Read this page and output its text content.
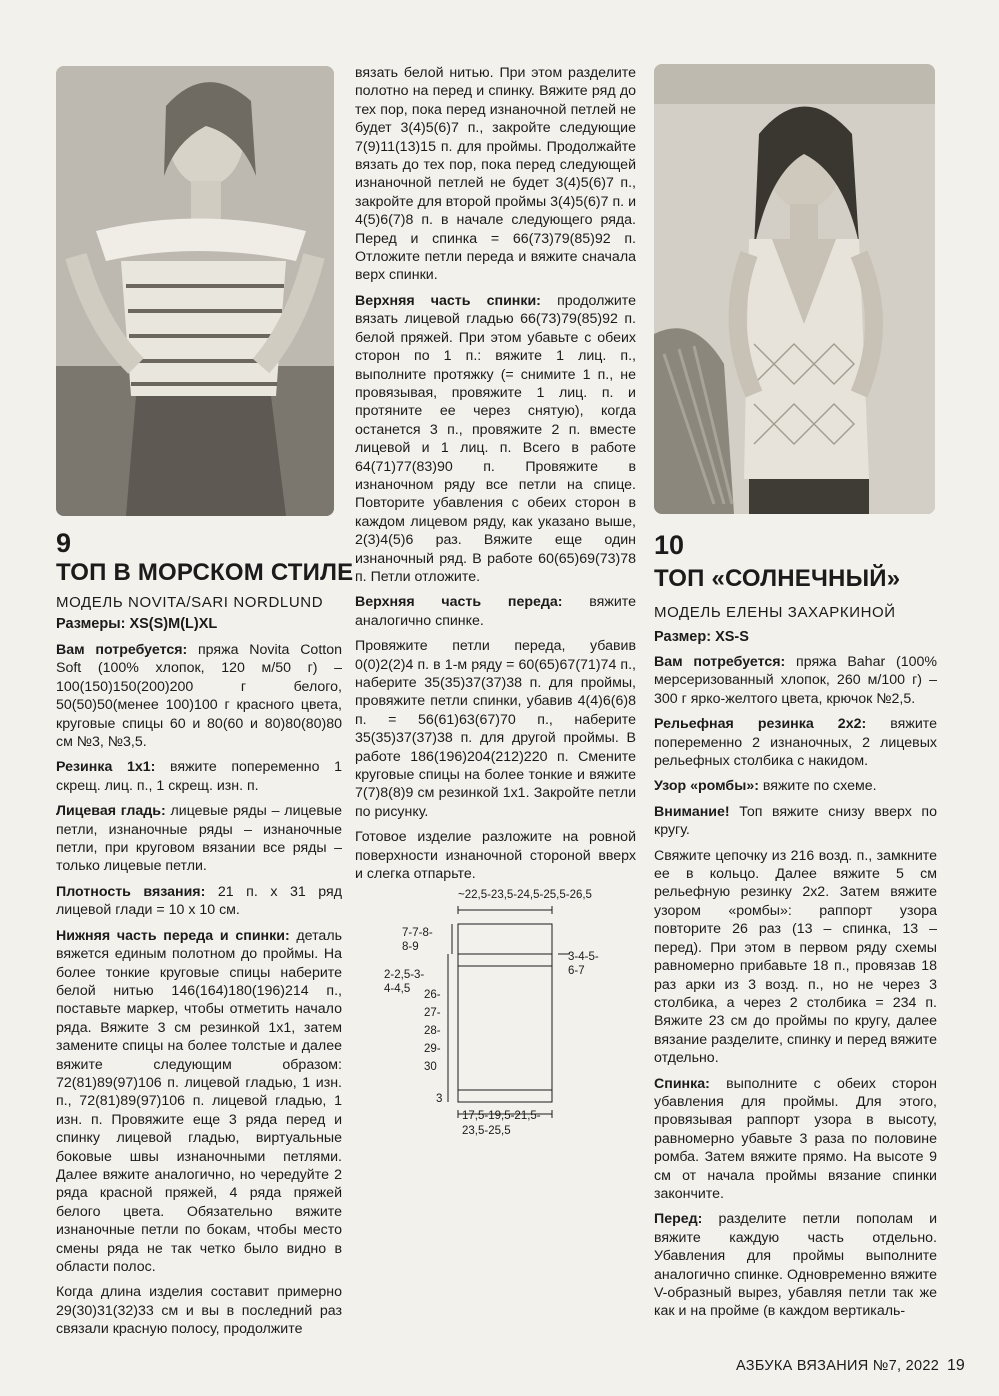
9
ТОП В МОРСКОМ СТИЛЕ
МОДЕЛЬ NOVITA/SARI NORDLUND
Размеры: XS(S)M(L)XL

Вам потребуется: пряжа Novita Cotton Soft (100% хлопок, 120 м/50 г) – 100(150)150(200)200 г белого, 50(50)50(менее 100)100 г красного цвета, круговые спицы 60 и 80(60 и 80)80(80)80 см №3, №3,5.

Резинка 1х1: вяжите попеременно 1 скрещ. лиц. п., 1 скрещ. изн. п.

Лицевая гладь: лицевые ряды – лицевые петли, изнаночные ряды – изнаночные петли, при круговом вязании все ряды – только лицевые петли.

Плотность вязания: 21 п. х 31 ряд лицевой глади = 10 х 10 см.

Нижняя часть переда и спинки: деталь вяжется единым полотном до проймы. На более тонкие круговые спицы наберите белой нитью 146(164)180(196)214 п., поставьте маркер, чтобы отметить начало ряда. Вяжите 3 см резинкой 1х1, затем замените спицы на более толстые и далее вяжите следующим образом: 72(81)89(97)106 п. лицевой гладью, 1 изн. п., 72(81)89(97)106 п. лицевой гладью, 1 изн. п. Провяжите еще 3 ряда перед и спинку лицевой гладью, виртуальные боковые швы изнаночными петлями. Далее вяжите аналогично, но чередуйте 2 ряда красной пряжей, 4 ряда пряжей белого цвета. Обязательно вяжите изнаночные петли по бокам, чтобы место смены ряда не так четко было видно в области полос.

Когда длина изделия составит примерно 29(30)31(32)33 см и вы в последний раз связали красную полосу, продолжите

вязать белой нитью. При этом разделите полотно на перед и спинку. Вяжите ряд до тех пор, пока перед изнаночной петлей не будет 3(4)5(6)7 п., закройте следующие 7(9)11(13)15 п. для проймы. Продолжайте вязать до тех пор, пока перед следующей изнаночной петлей не будет 3(4)5(6)7 п., закройте для второй проймы 3(4)5(6)7 п. и 4(5)6(7)8 п. в начале следующего ряда. Перед и спинка = 66(73)79(85)92 п. Отложите петли переда и вяжите сначала верх спинки.

Верхняя часть спинки: продолжите вязать лицевой гладью 66(73)79(85)92 п. белой пряжей. При этом убавьте с обеих сторон по 1 п.: вяжите 1 лиц. п., выполните протяжку (= снимите 1 п., не провязывая, провяжите 1 лиц. п. и протяните ее через снятую), когда останется 3 п., провяжите 2 п. вместе лицевой и 1 лиц. п. Всего в работе 64(71)77(83)90 п. Провяжите в изнаночном ряду все петли на спице. Повторите убавления с обеих сторон в каждом лицевом ряду, как указано выше, 2(3)4(5)6 раз. Вяжите еще один изнаночный ряд. В работе 60(65)69(73)78 п. Петли отложите.

Верхняя часть переда: вяжите аналогично спинке.

Провяжите петли переда, убавив 0(0)2(2)4 п. в 1-м ряду = 60(65)67(71)74 п., наберите 35(35)37(37)38 п. для проймы, провяжите петли спинки, убавив 4(4)6(6)8 п. = 56(61)63(67)70 п., наберите 35(35)37(37)38 п. для другой проймы. В работе 186(196)204(212)220 п. Смените круговые спицы на более тонкие и вяжите 7(7)8(8)9 см резинкой 1х1. Закройте петли по рисунку.

Готовое изделие разложите на ровной поверхности изнаночной стороной вверх и слегка отпарьте.

~22,5-23,5-24,5-25,5-26,5
7-7-8-
8-9
2-2,5-3-
4-4,5 26-
27-
28-
29-
30
3-4-5-
6-7
3
17,5-19,5-21,5-
23,5-25,5
10
ТОП «СОЛНЕЧНЫЙ»
МОДЕЛЬ ЕЛЕНЫ ЗАХАРКИНОЙ
Размер: XS-S

Вам потребуется: пряжа Bahar (100% мерсеризованный хлопок, 260 м/100 г) – 300 г ярко-желтого цвета, крючок №2,5.

Рельефная резинка 2х2: вяжите попеременно 2 изнаночных, 2 лицевых рельефных столбика с накидом.

Узор «ромбы»: вяжите по схеме.

Внимание! Топ вяжите снизу вверх по кругу.

Свяжите цепочку из 216 возд. п., замкните ее в кольцо. Далее вяжите 5 см рельефную резинку 2х2. Затем вяжите узором «ромбы»: раппорт узора повторите 26 раз (13 – спинка, 13 – перед). При этом в первом ряду схемы равномерно прибавьте 18 п., провязав 18 раз арки из 3 возд. п., но не через 3 столбика, а через 2 столбика = 234 п. Вяжите 23 см до проймы по кругу, далее вязание разделите, спинку и перед вяжите отдельно.

Спинка: выполните с обеих сторон убавления для проймы. Для этого, провязывая раппорт узора в высоту, равномерно убавьте 3 раза по половине ромба. Затем вяжите прямо. На высоте 9 см от начала проймы вязание спинки закончите.

Перед: разделите петли пополам и вяжите каждую часть отдельно. Убавления для проймы выполните аналогично спинке. Одновременно вяжите V-образный вырез, убавляя петли так же как и на пройме (в каждом вертикаль-

АЗБУКА ВЯЗАНИЯ №7, 2022 19
